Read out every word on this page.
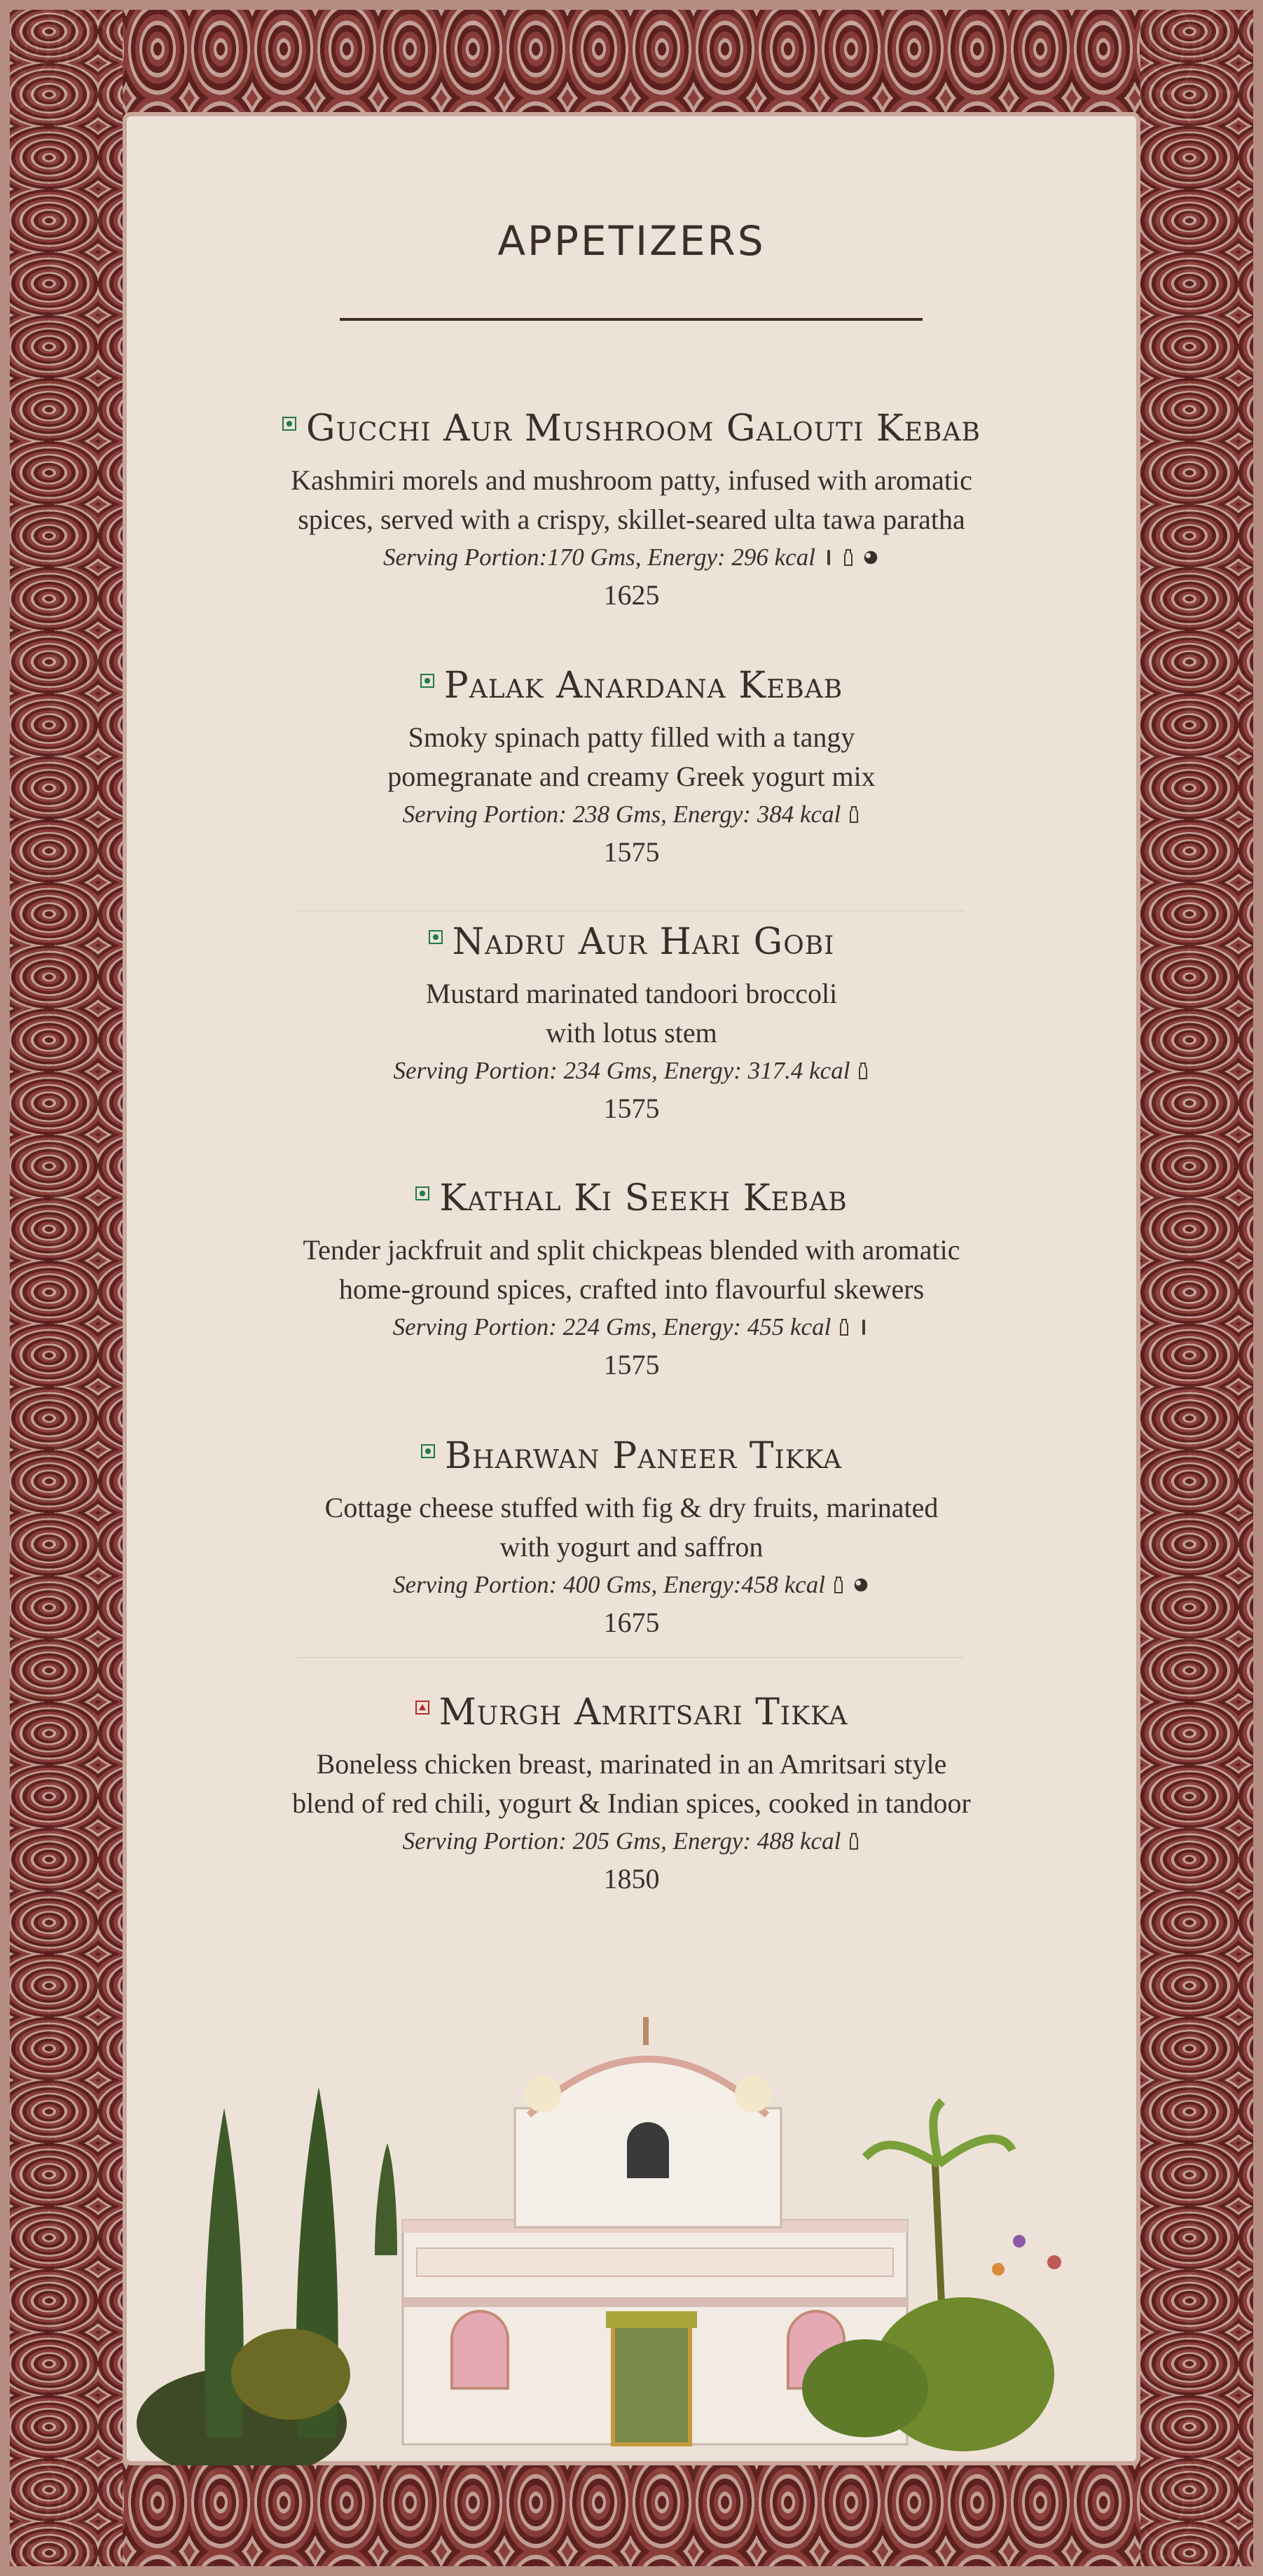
APPETIZERS
Gucchi Aur Mushroom Galouti Kebab
Kashmiri morels and mushroom patty, infused with aromatic
spices, served with a crispy, skillet-seared ulta tawa paratha
Serving Portion:170 Gms, Energy: 296 kcal
1625
Palak Anardana Kebab
Smoky spinach patty filled with a tangy
pomegranate and creamy Greek yogurt mix
Serving Portion: 238 Gms, Energy: 384 kcal
1575
Nadru Aur Hari Gobi
Mustard marinated tandoori broccoli
with lotus stem
Serving Portion: 234 Gms, Energy: 317.4 kcal
1575
Kathal Ki Seekh Kebab
Tender jackfruit and split chickpeas blended with aromatic
home-ground spices, crafted into flavourful skewers
Serving Portion: 224 Gms, Energy: 455 kcal
1575
Bharwan Paneer Tikka
Cottage cheese stuffed with fig & dry fruits, marinated
with yogurt and saffron
Serving Portion: 400 Gms, Energy:458 kcal
1675
Murgh Amritsari Tikka
Boneless chicken breast, marinated in an Amritsari style
blend of red chili, yogurt & Indian spices, cooked in tandoor
Serving Portion: 205 Gms, Energy: 488 kcal
1850
